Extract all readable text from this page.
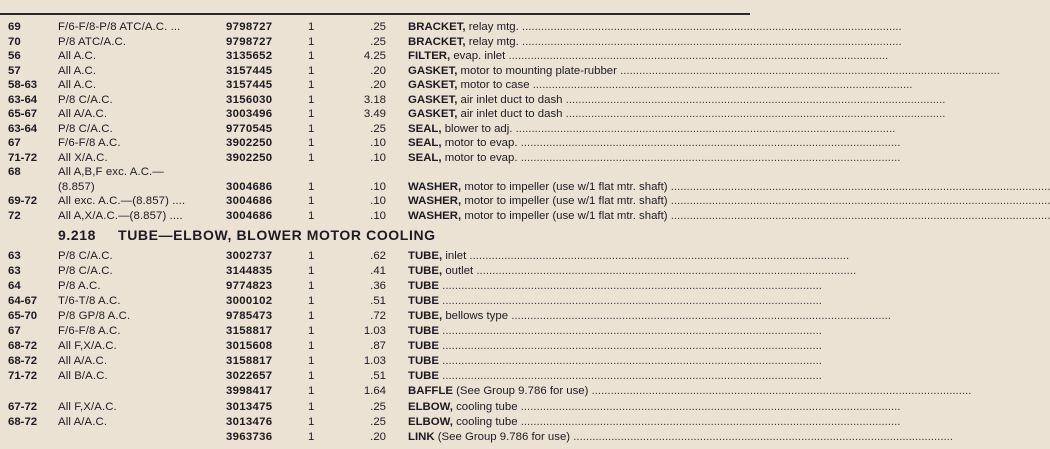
69	F/6-F/8-P/8 ATC/A.C. ...	9798727	1	.25 BRACKET, relay mtg. ........................................................................................................................
70	P/8 ATC/A.C.	9798727	1	.25 BRACKET, relay mtg. ........................................................................................................................
56	All A.C.	3135652	1	4.25 FILTER, evap. inlet ........................................................................................................................
57	All A.C.	3157445	1	.20 GASKET, motor to mounting plate-rubber ........................................................................................................................
58-63 All A.C.	3157445	1	.20 GASKET, motor to case ........................................................................................................................
63-64 P/8 C/A.C.	3156030	1	3.18 GASKET, air inlet duct to dash ........................................................................................................................
65-67 All A/A.C.	3003496	1	3.49 GASKET, air inlet duct to dash ........................................................................................................................
63-64 P/8 C/A.C.	9770545	1	.25 SEAL, blower to adj. ........................................................................................................................
67	F/6-F/8 A.C.	3902250	1	.10 SEAL, motor to evap. ........................................................................................................................
71-72 All X/A.C.	3902250	1	.10 SEAL, motor to evap. ........................................................................................................................
68	All A,B,F exc. A.C.—
(8.857)	3004686	1	.10 WASHER, motor to impeller (use w/1 flat mtr. shaft) ........................................................................................................................
69-72 All exc. A.C.—(8.857) ....	3004686	1	.10 WASHER, motor to impeller (use w/1 flat mtr. shaft) ........................................................................................................................
72	All A,X/A.C.—(8.857) ....	3004686	1	.10 WASHER, motor to impeller (use w/1 flat mtr. shaft) ........................................................................................................................
9.218 TUBE—ELBOW, BLOWER MOTOR COOLING
63	P/8 C/A.C.	3002737	1	.62 TUBE, inlet ........................................................................................................................
63	P/8 C/A.C.	3144835	1	.41 TUBE, outlet ........................................................................................................................
64	P/8 A.C.	9774823	1	.36 TUBE ........................................................................................................................
64-67 T/6-T/8 A.C.	3000102	1	.51 TUBE ........................................................................................................................
65-70 P/8 GP/8 A.C.	9785473	1	.72 TUBE, bellows type ........................................................................................................................
67	F/6-F/8 A.C.	3158817	1	1.03 TUBE ........................................................................................................................
68-72 All F,X/A.C.	3015608	1	.87 TUBE ........................................................................................................................
68-72 All A/A.C.	3158817	1	1.03 TUBE ........................................................................................................................
71-72 All B/A.C.	3022657	1	.51 TUBE ........................................................................................................................
3998417	1	1.64 BAFFLE (See Group 9.786 for use) ........................................................................................................................
67-72 All F,X/A.C.	3013475	1	.25 ELBOW, cooling tube ........................................................................................................................
68-72 All A/A.C.	3013476	1	.25 ELBOW, cooling tube ........................................................................................................................
3963736	1	.20 LINK (See Group 9.786 for use) ........................................................................................................................
